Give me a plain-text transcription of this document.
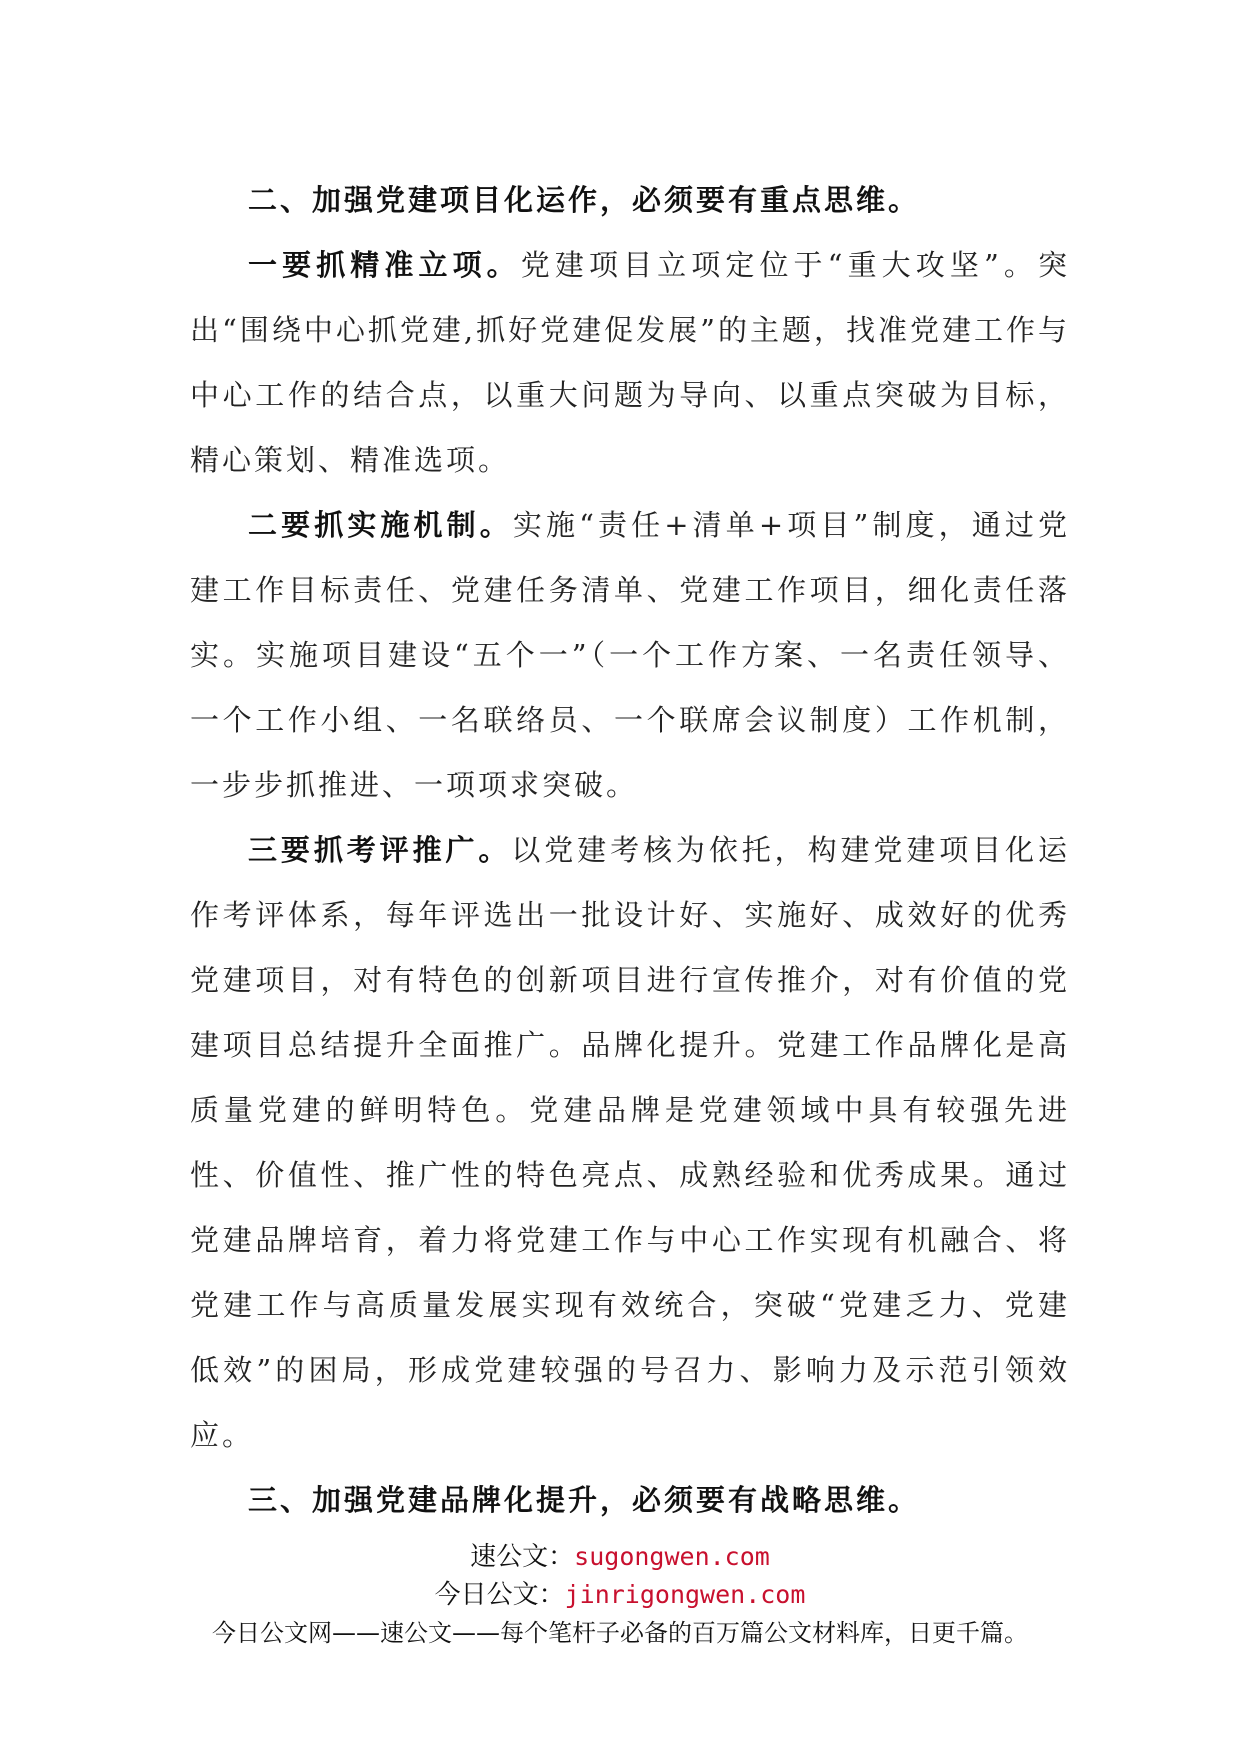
二、加强党建项目化运作，必须要有重点思维。

一要抓精准立项。党建项目立项定位于“重大攻坚”。突出“围绕中心抓党建,抓好党建促发展”的主题，找准党建工作与中心工作的结合点，以重大问题为导向、以重点突破为目标，精心策划、精准选项。

二要抓实施机制。实施“责任+清单+项目”制度，通过党建工作目标责任、党建任务清单、党建工作项目，细化责任落实。实施项目建设“五个一”（一个工作方案、一名责任领导、一个工作小组、一名联络员、一个联席会议制度）工作机制，一步步抓推进、一项项求突破。

三要抓考评推广。以党建考核为依托，构建党建项目化运作考评体系，每年评选出一批设计好、实施好、成效好的优秀党建项目，对有特色的创新项目进行宣传推介，对有价值的党建项目总结提升全面推广。品牌化提升。党建工作品牌化是高质量党建的鲜明特色。党建品牌是党建领域中具有较强先进性、价值性、推广性的特色亮点、成熟经验和优秀成果。通过党建品牌培育，着力将党建工作与中心工作实现有机融合、将党建工作与高质量发展实现有效统合，突破“党建乏力、党建低效”的困局，形成党建较强的号召力、影响力及示范引领效应。

三、加强党建品牌化提升，必须要有战略思维。

速公文：sugongwen.com

今日公文：jinrigongwen.com

今日公文网——速公文——每个笔杆子必备的百万篇公文材料库，日更千篇。
